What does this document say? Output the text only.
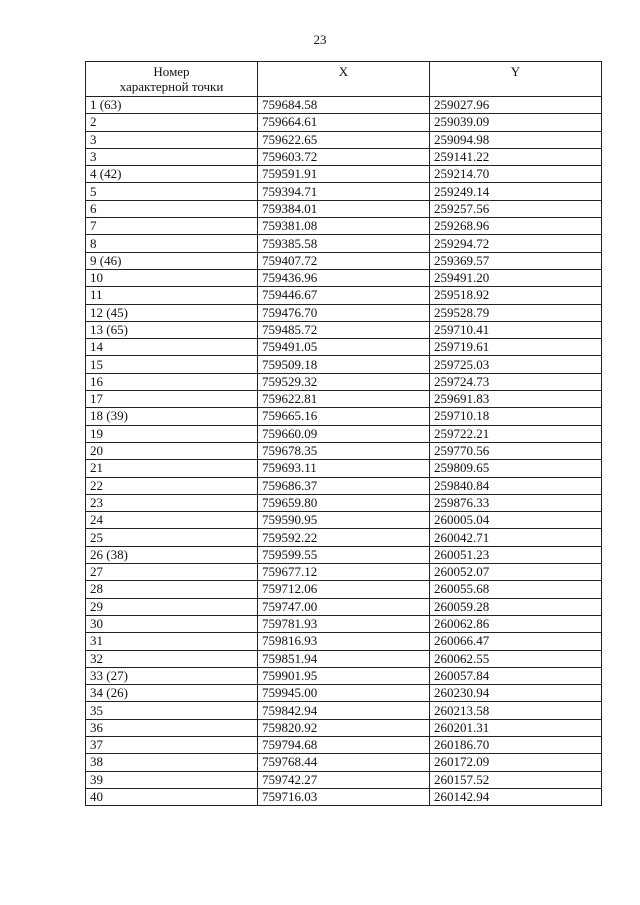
23
Номер
характерной точки	X	Y
1 (63)	759684.58	259027.96
2	759664.61	259039.09
3	759622.65	259094.98
3	759603.72	259141.22
4 (42)	759591.91	259214.70
5	759394.71	259249.14
6	759384.01	259257.56
7	759381.08	259268.96
8	759385.58	259294.72
9 (46)	759407.72	259369.57
10	759436.96	259491.20
11	759446.67	259518.92
12 (45)	759476.70	259528.79
13 (65)	759485.72	259710.41
14	759491.05	259719.61
15	759509.18	259725.03
16	759529.32	259724.73
17	759622.81	259691.83
18 (39)	759665.16	259710.18
19	759660.09	259722.21
20	759678.35	259770.56
21	759693.11	259809.65
22	759686.37	259840.84
23	759659.80	259876.33
24	759590.95	260005.04
25	759592.22	260042.71
26 (38)	759599.55	260051.23
27	759677.12	260052.07
28	759712.06	260055.68
29	759747.00	260059.28
30	759781.93	260062.86
31	759816.93	260066.47
32	759851.94	260062.55
33 (27)	759901.95	260057.84
34 (26)	759945.00	260230.94
35	759842.94	260213.58
36	759820.92	260201.31
37	759794.68	260186.70
38	759768.44	260172.09
39	759742.27	260157.52
40	759716.03	260142.94
